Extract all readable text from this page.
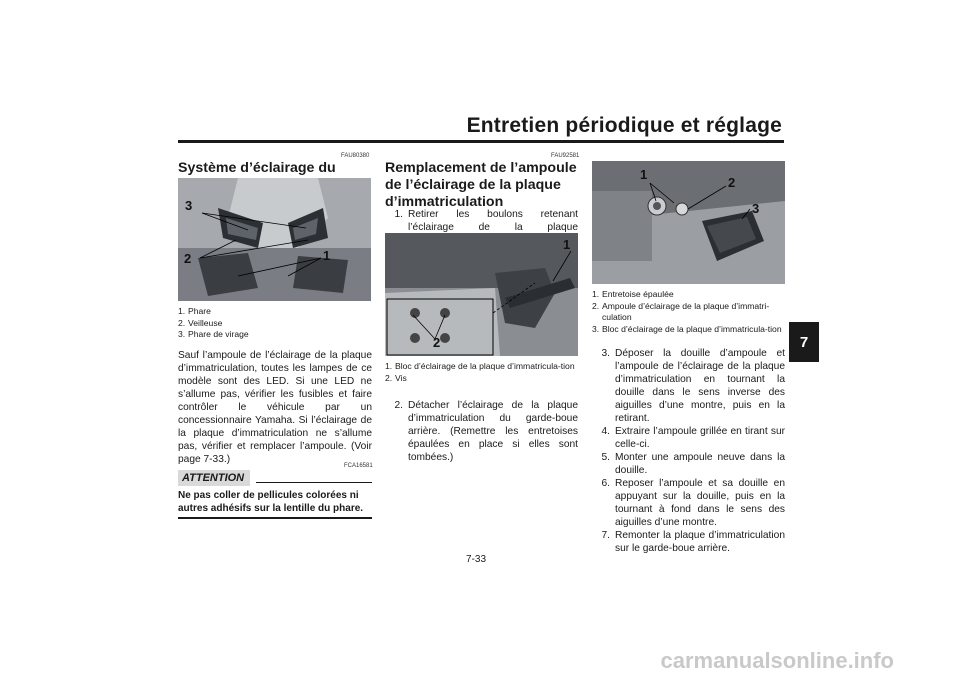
Entretien périodique et réglage
7
FAU80380
Système d’éclairage du
3
2	1
1. Phare
2. Veilleuse
3. Phare de virage
Sauf l’ampoule de l’éclairage de la plaque d’immatriculation, toutes les lampes de ce modèle sont des LED. Si une LED ne s’allume pas, vérifier les fusibles et faire contrôler le véhicule par un concessionnaire Yamaha. Si l’éclairage de la plaque d’immatriculation ne s’allume pas, vérifier et remplacer l’ampoule. (Voir page 7-33.)
ATTENTION
FCA16581
Ne pas coller de pellicules colorées ni autres adhésifs sur la lentille du phare.
FAU92581
Remplacement de l’ampoule de l’éclairage de la plaque d’immatriculation
1. Retirer les boulons retenant l’éclairage de la plaque
1
2
1. Bloc d’éclairage de la plaque d’immatricula-tion
2. Vis
2. Détacher l’éclairage de la plaque d’immatriculation du garde-boue arrière. (Remettre les entretoises épaulées en place si elles sont tombées.)
1
2
3
1. Entretoise épaulée
2. Ampoule d’éclairage de la plaque d’immatri-culation
3. Bloc d’éclairage de la plaque d’immatricula-tion
3. Déposer la douille d’ampoule et l’ampoule de l’éclairage de la plaque d’immatriculation en tournant la douille dans le sens inverse des aiguilles d’une montre, puis en la retirant.
4. Extraire l’ampoule grillée en tirant sur celle-ci.
5. Monter une ampoule neuve dans la douille.
6. Reposer l’ampoule et sa douille en appuyant sur la douille, puis en la tournant à fond dans le sens des aiguilles d’une montre.
7. Remonter la plaque d’immatriculation sur le garde-boue arrière.
7-33
carmanualsonline.info
